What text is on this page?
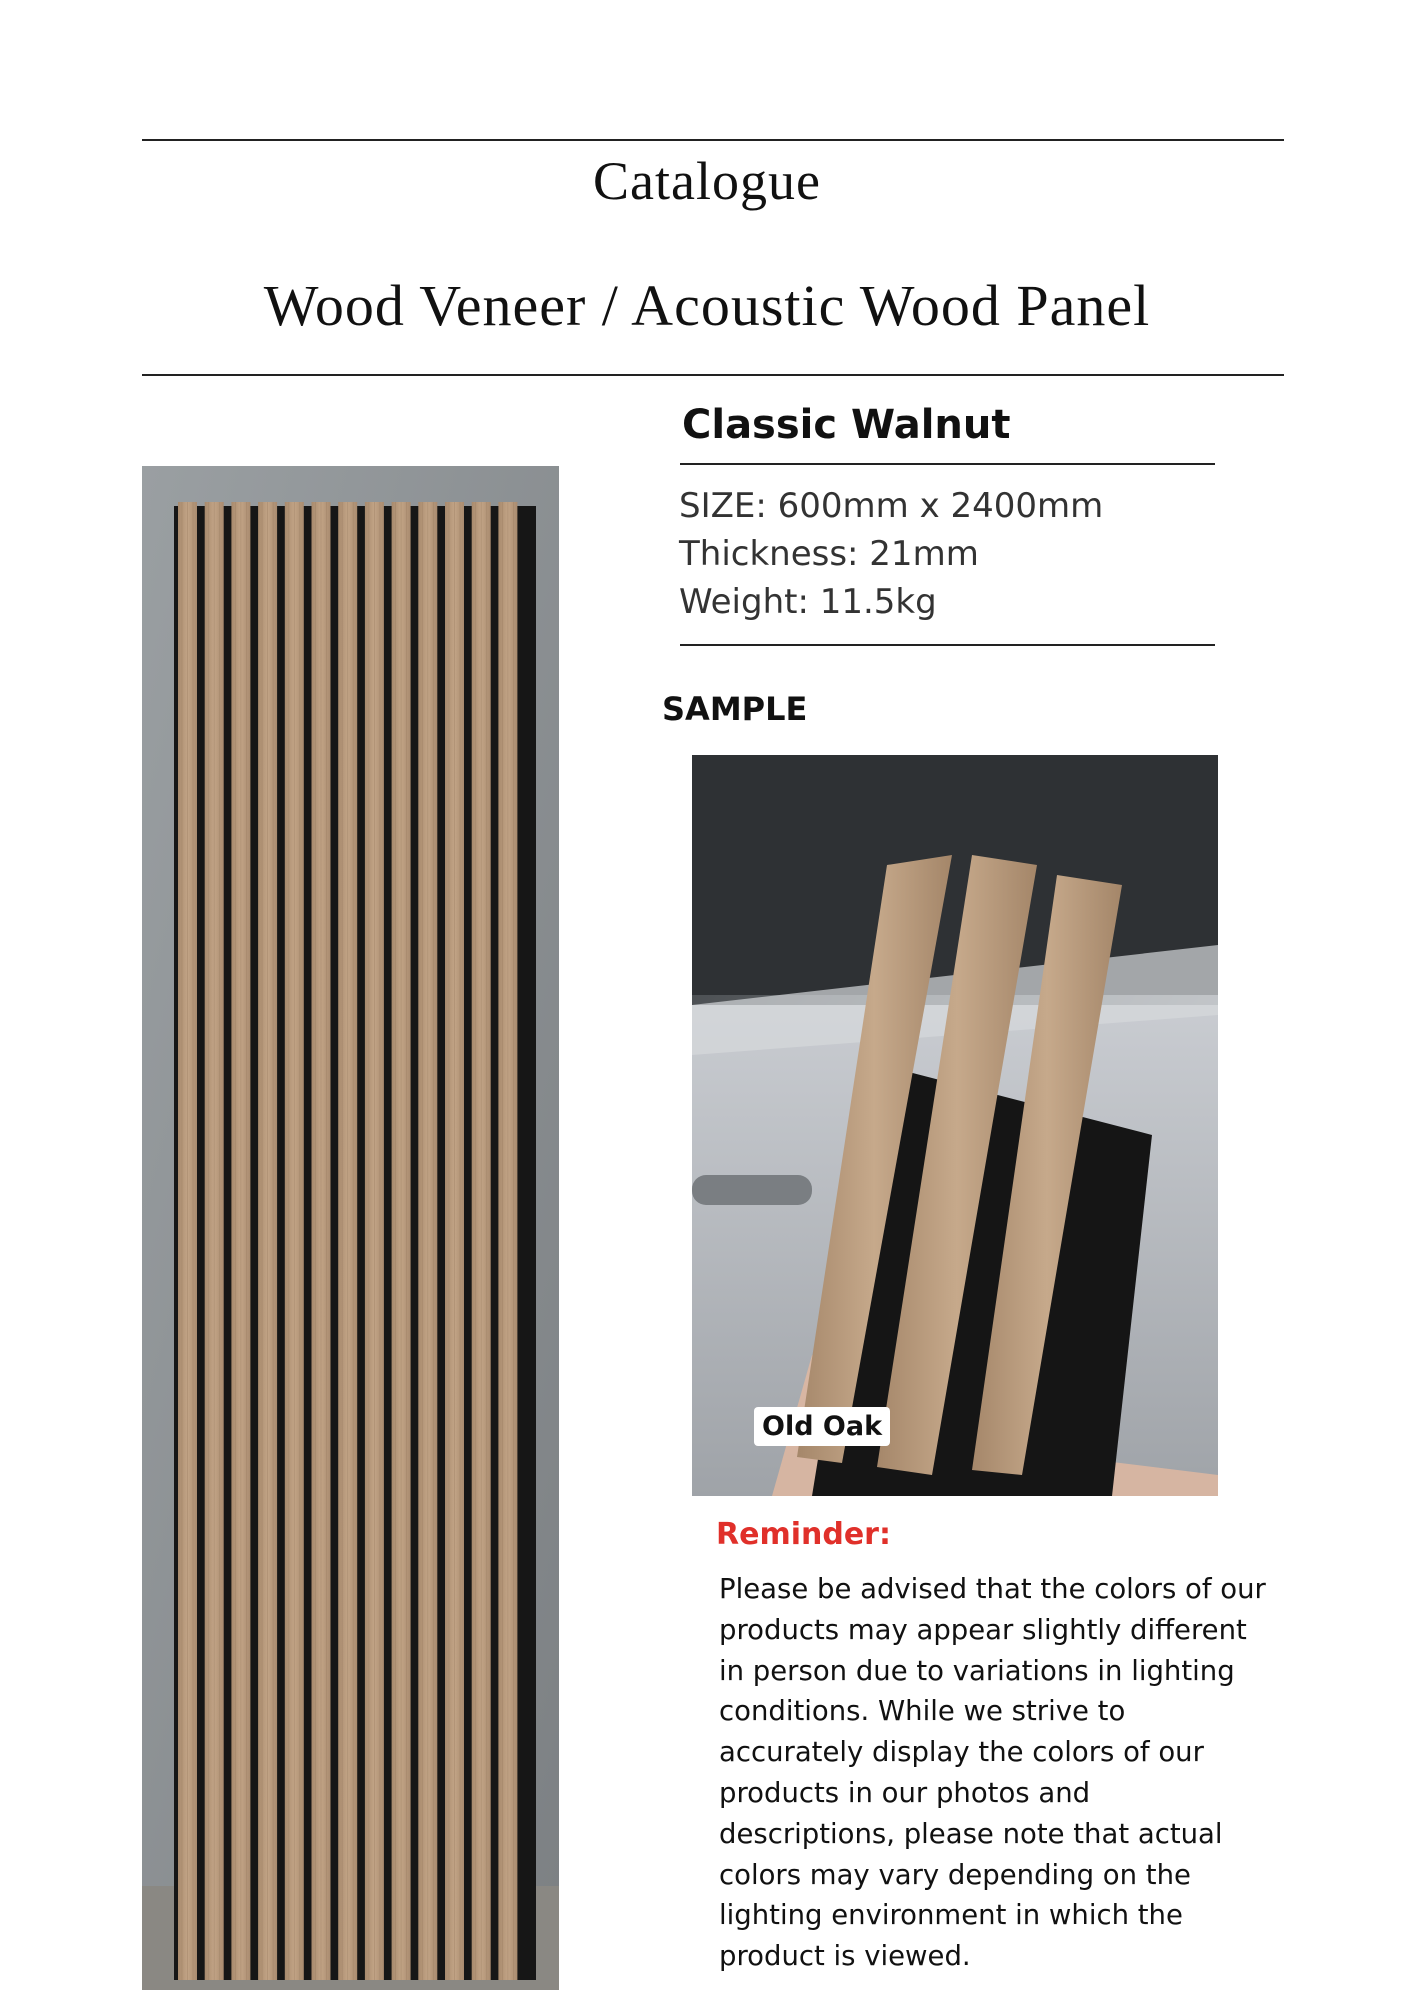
Catalogue
Wood Veneer / Acoustic Wood Panel
Classic Walnut
SIZE: 600mm x 2400mm
Thickness: 21mm
Weight: 11.5kg
SAMPLE
Old Oak
Reminder:
Please be advised that the colors of our
products may appear slightly different
in person due to variations in lighting
conditions. While we strive to
accurately display the colors of our
products in our photos and
descriptions, please note that actual
colors may vary depending on the
lighting environment in which the
product is viewed.
